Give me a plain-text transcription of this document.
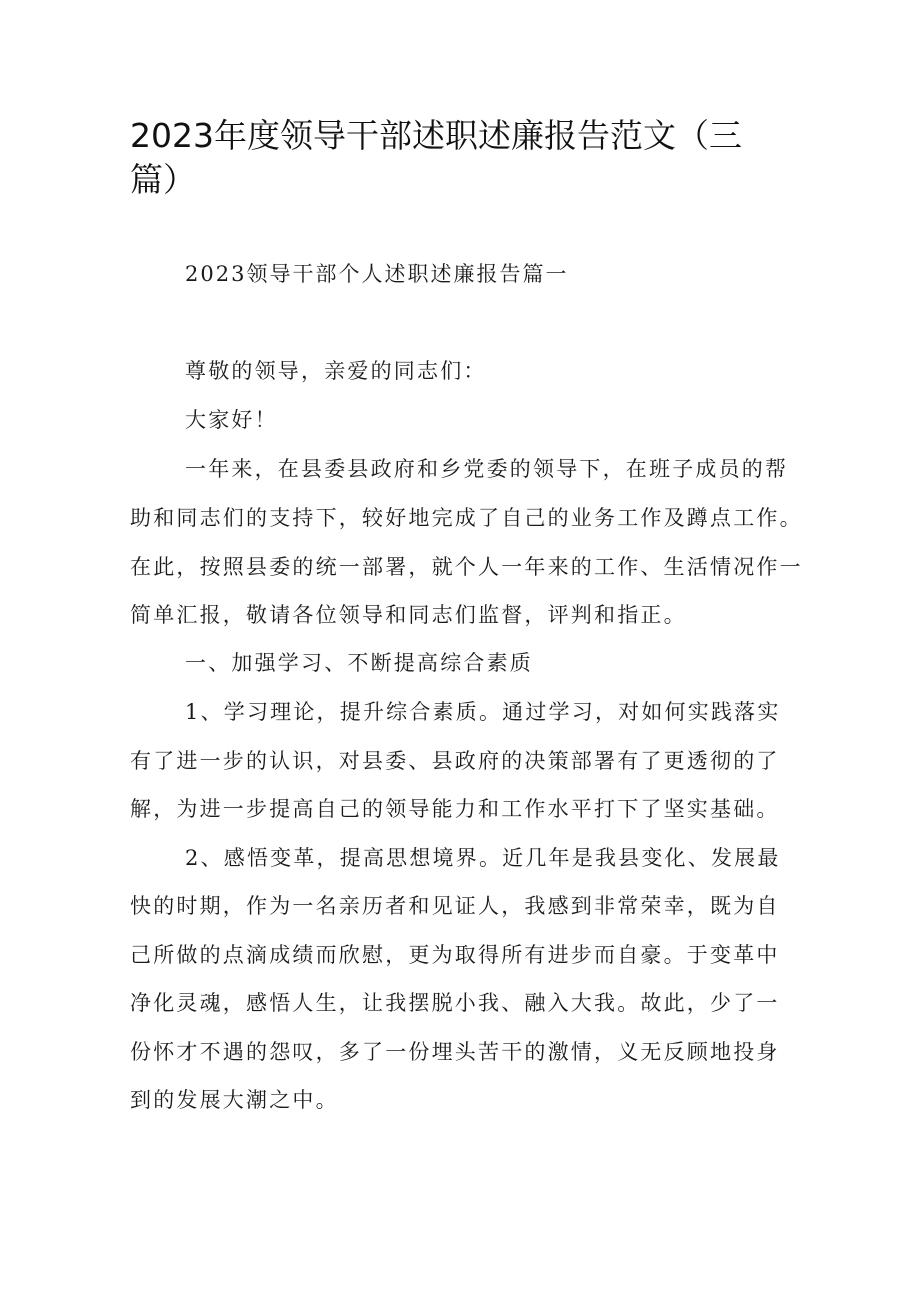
2023年度领导干部述职述廉报告范文（三篇）

2023领导干部个人述职述廉报告篇一

尊敬的领导，亲爱的同志们：

大家好！

一年来，在县委县政府和乡党委的领导下，在班子成员的帮

助和同志们的支持下，较好地完成了自己的业务工作及蹲点工作。

在此，按照县委的统一部署，就个人一年来的工作、生活情况作一

简单汇报，敬请各位领导和同志们监督，评判和指正。

一、加强学习、不断提高综合素质

1、学习理论，提升综合素质。通过学习，对如何实践落实

有了进一步的认识，对县委、县政府的决策部署有了更透彻的了

解，为进一步提高自己的领导能力和工作水平打下了坚实基础。

2、感悟变革，提高思想境界。近几年是我县变化、发展最

快的时期，作为一名亲历者和见证人，我感到非常荣幸，既为自

己所做的点滴成绩而欣慰，更为取得所有进步而自豪。于变革中

净化灵魂，感悟人生，让我摆脱小我、融入大我。故此，少了一

份怀才不遇的怨叹，多了一份埋头苦干的激情，义无反顾地投身

到的发展大潮之中。
